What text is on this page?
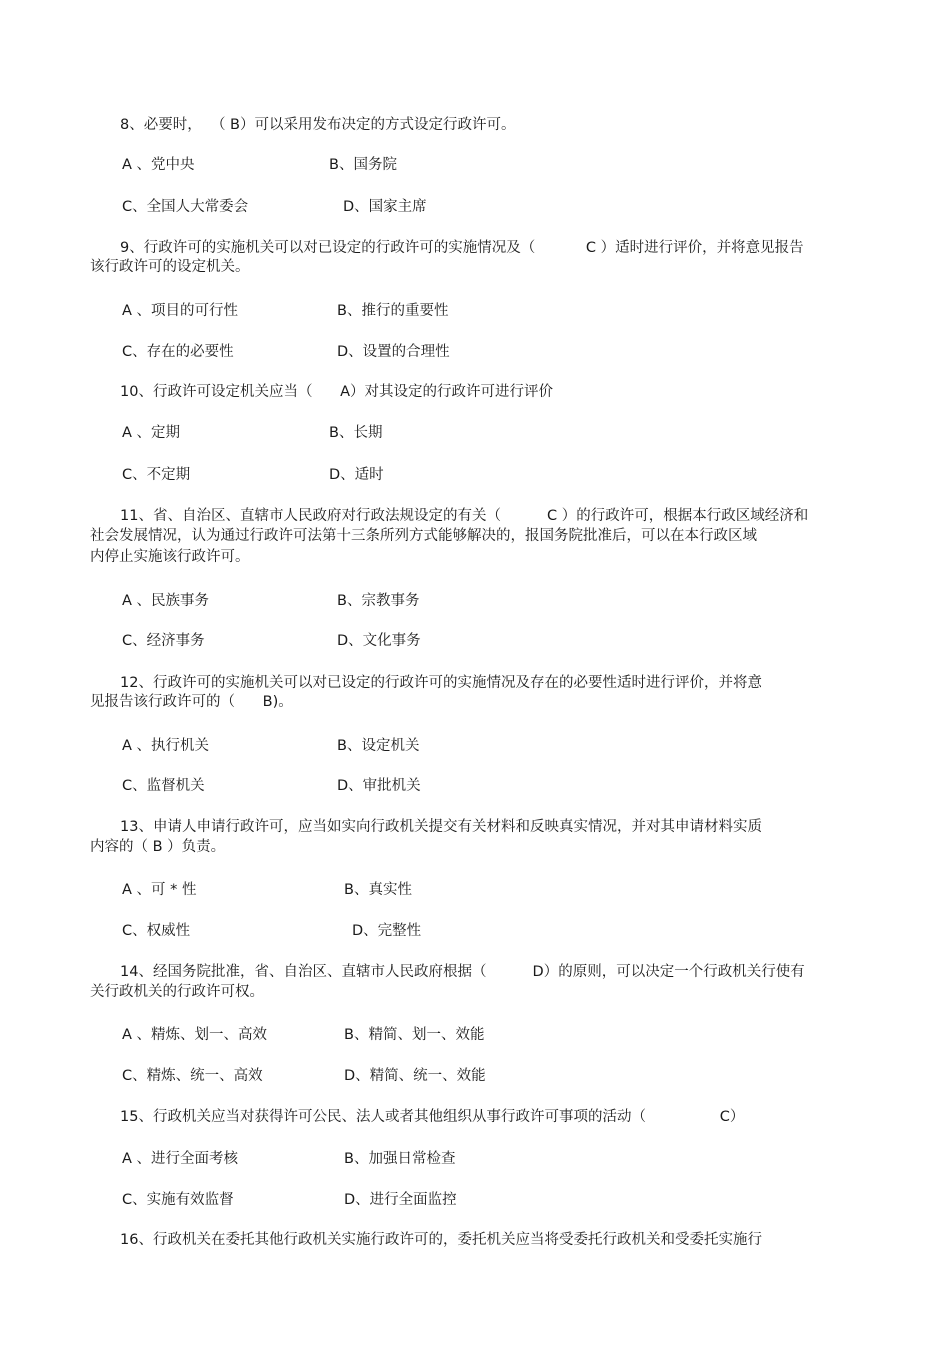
8、必要时，  （ B）可以采用发布决定的方式设定行政许可。
A 、党中央	B、国务院
C、全国人大常委会	D、国家主席
9、行政许可的实施机关可以对已设定的行政许可的实施情况及（           C ）适时进行评价，并将意见报告
该行政许可的设定机关。
A 、项目的可行性	B、推行的重要性
C、存在的必要性	D、设置的合理性
10、行政许可设定机关应当（      A）对其设定的行政许可进行评价
A 、定期	B、长期
C、不定期	D、适时
11、省、自治区、直辖市人民政府对行政法规设定的有关（          C ）的行政许可，根据本行政区域经济和
社会发展情况，认为通过行政许可法第十三条所列方式能够解决的，报国务院批准后，可以在本行政区域
内停止实施该行政许可。
A 、民族事务	B、宗教事务
C、经济事务	D、文化事务
12、行政许可的实施机关可以对已设定的行政许可的实施情况及存在的必要性适时进行评价，并将意
见报告该行政许可的（      B)。
A 、执行机关	B、设定机关
C、监督机关	D、审批机关
13、申请人申请行政许可，应当如实向行政机关提交有关材料和反映真实情况，并对其申请材料实质
内容的（ B ）负责。
A 、可 * 性	B、真实性
C、权威性	D、完整性
14、经国务院批准，省、自治区、直辖市人民政府根据（          D）的原则，可以决定一个行政机关行使有
关行政机关的行政许可权。
A 、精炼、划一、高效	B、精简、划一、效能
C、精炼、统一、高效	D、精简、统一、效能
15、行政机关应当对获得许可公民、法人或者其他组织从事行政许可事项的活动（                C）
A 、进行全面考核	B、加强日常检查
C、实施有效监督	D、进行全面监控
16、行政机关在委托其他行政机关实施行政许可的，委托机关应当将受委托行政机关和受委托实施行
